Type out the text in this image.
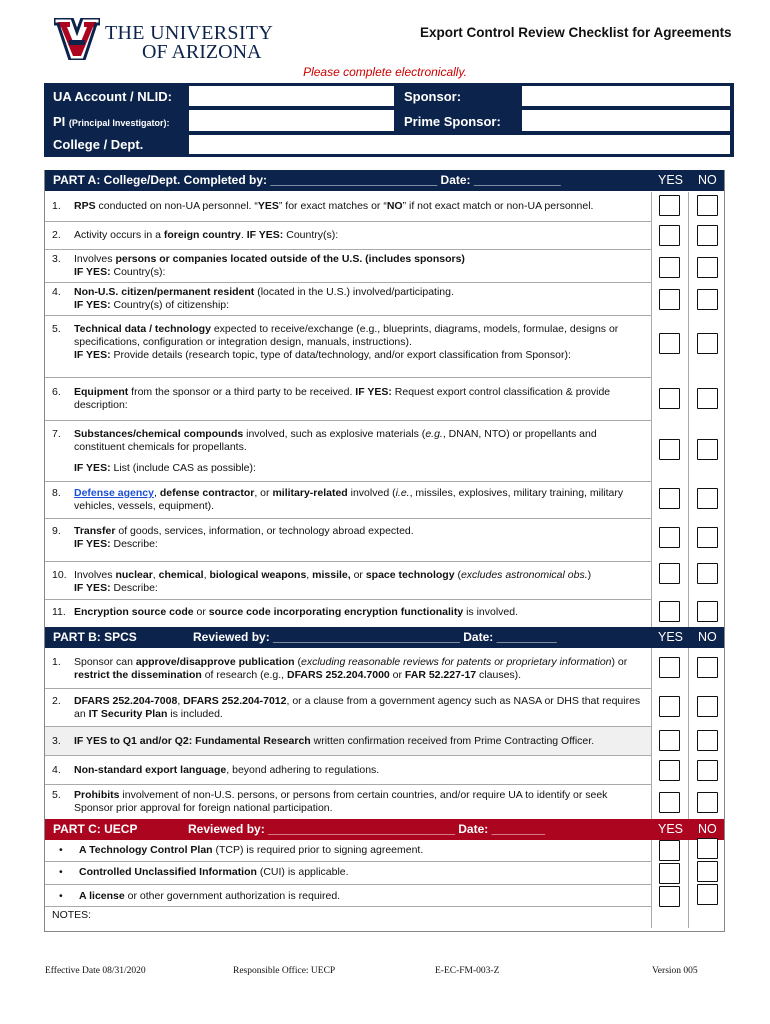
THE UNIVERSITY
OF ARIZONA
Export Control Review Checklist for Agreements
Please complete electronically.
UA Account / NLID:	Sponsor:
PI (Principal Investigator):	Prime Sponsor:
College / Dept.
PART A: College/Dept. Completed by: _________________________ Date: _____________	YES NO
1. RPS conducted on non-UA personnel. “YES” for exact matches or “NO” if not exact match or non-UA personnel.
2. Activity occurs in a foreign country. IF YES: Country(s):
3. Involves persons or companies located outside of the U.S. (includes sponsors)
IF YES: Country(s):
4. Non-U.S. citizen/permanent resident (located in the U.S.) involved/participating.
IF YES: Country(s) of citizenship:
5. Technical data / technology expected to receive/exchange (e.g., blueprints, diagrams, models, formulae, designs or specifications, configuration or integration design, manuals, instructions).
IF YES: Provide details (research topic, type of data/technology, and/or export classification from Sponsor):
6. Equipment from the sponsor or a third party to be received. IF YES: Request export control classification & provide description:
7. Substances/chemical compounds involved, such as explosive materials (e.g., DNAN, NTO) or propellants and constituent chemicals for propellants.

IF YES: List (include CAS as possible):
8. Defense agency, defense contractor, or military-related involved (i.e., missiles, explosives, military training, military vehicles, vessels, equipment).
9. Transfer of goods, services, information, or technology abroad expected.
IF YES: Describe:
10. Involves nuclear, chemical, biological weapons, missile, or space technology (excludes astronomical obs.)
IF YES: Describe:
11. Encryption source code or source code incorporating encryption functionality is involved.
PART B: SPCS	Reviewed by: ____________________________ Date: _________	YES NO
1. Sponsor can approve/disapprove publication (excluding reasonable reviews for patents or proprietary information) or restrict the dissemination of research (e.g., DFARS 252.204.7000 or FAR 52.227-17 clauses).
2. DFARS 252.204-7008, DFARS 252.204-7012, or a clause from a government agency such as NASA or DHS that requires an IT Security Plan is included.
3. IF YES to Q1 and/or Q2: Fundamental Research written confirmation received from Prime Contracting Officer.
4. Non-standard export language, beyond adhering to regulations.
5. Prohibits involvement of non-U.S. persons, or persons from certain countries, and/or require UA to identify or seek Sponsor prior approval for foreign national participation.
PART C: UECP	Reviewed by: ____________________________ Date: ________	YES NO
• A Technology Control Plan (TCP) is required prior to signing agreement.
• Controlled Unclassified Information (CUI) is applicable.
• A license or other government authorization is required.
NOTES:
Effective Date 08/31/2020	Responsible Office: UECP	E-EC-FM-003-Z	Version 005
